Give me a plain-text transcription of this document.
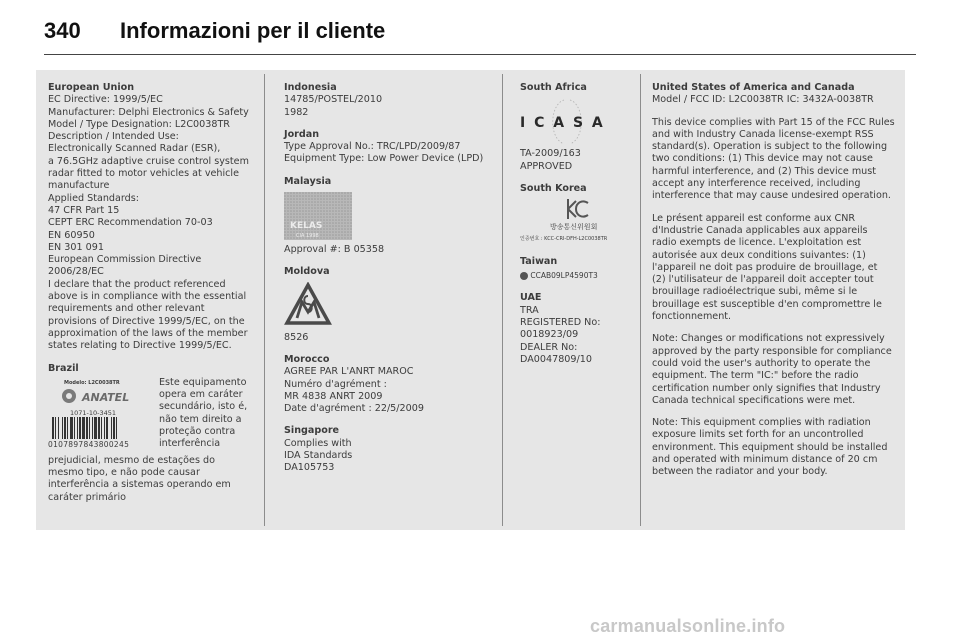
340 Informazioni per il cliente
European Union
EC Directive: 1999/5/EC
Manufacturer: Delphi Electronics & Safety
Model / Type Designation: L2C0038TR
Description / Intended Use:
Electronically Scanned Radar (ESR),
a 76.5GHz adaptive cruise control system
radar fitted to motor vehicles at vehicle
manufacture
Applied Standards:
47 CFR Part 15
CEPT ERC Recommendation 70-03
EN 60950
EN 301 091
European Commission Directive
2006/28/EC
I declare that the product referenced
above is in compliance with the essential
requirements and other relevant
provisions of Directive 1999/5/EC, on the
approximation of the laws of the member
states relating to Directive 1999/5/EC.
Brazil
Modelo: L2C0038TR
ANATEL
1071-10-3451
0107897843800245
Este equipamento
opera em caráter
secundário, isto é,
não tem direito a
proteção contra
interferência
prejudicial, mesmo de estações do
mesmo tipo, e não pode causar
interferência a sistemas operando em
caráter primário
Indonesia
14785/POSTEL/2010
1982
Jordan
Type Approval No.: TRC/LPD/2009/87
Equipment Type: Low Power Device (LPD)
Malaysia
KELAS
CIA 1998
Approval #: B 05358
Moldova
8526
Morocco
AGREE PAR L'ANRT MAROC
Numéro d'agrément :
MR 4838 ANRT 2009
Date d'agrément : 22/5/2009
Singapore
Complies with
IDA Standards
DA105753
South Africa
I C A S A
TA-2009/163
APPROVED
South Korea
방송통신위원회
인증번호 : KCC-CRI-DFH-L2C0038TR
Taiwan
CCAB09LP4590T3
UAE
TRA
REGISTERED No:
0018923/09
DEALER No:
DA0047809/10
United States of America and Canada
Model / FCC ID: L2C0038TR IC: 3432A-0038TR
This device complies with Part 15 of the FCC Rules
and with Industry Canada license-exempt RSS
standard(s). Operation is subject to the following
two conditions: (1) This device may not cause
harmful interference, and (2) This device must
accept any interference received, including
interference that may cause undesired operation.
Le présent appareil est conforme aux CNR
d'Industrie Canada applicables aux appareils
radio exempts de licence. L'exploitation est
autorisée aux deux conditions suivantes: (1)
l'appareil ne doit pas produire de brouillage, et
(2) l'utilisateur de l'appareil doit accepter tout
brouillage radioélectrique subi, même si le
brouillage est susceptible d'en compromettre le
fonctionnement.
Note: Changes or modifications not expressively
approved by the party responsible for compliance
could void the user's authority to operate the
equipment. The term "IC:" before the radio
certification number only signifies that Industry
Canada technical specifications were met.
Note: This equipment complies with radiation
exposure limits set forth for an uncontrolled
environment. This equipment should be installed
and operated with minimum distance of 20 cm
between the radiator and your body.
carmanualsonline.info
